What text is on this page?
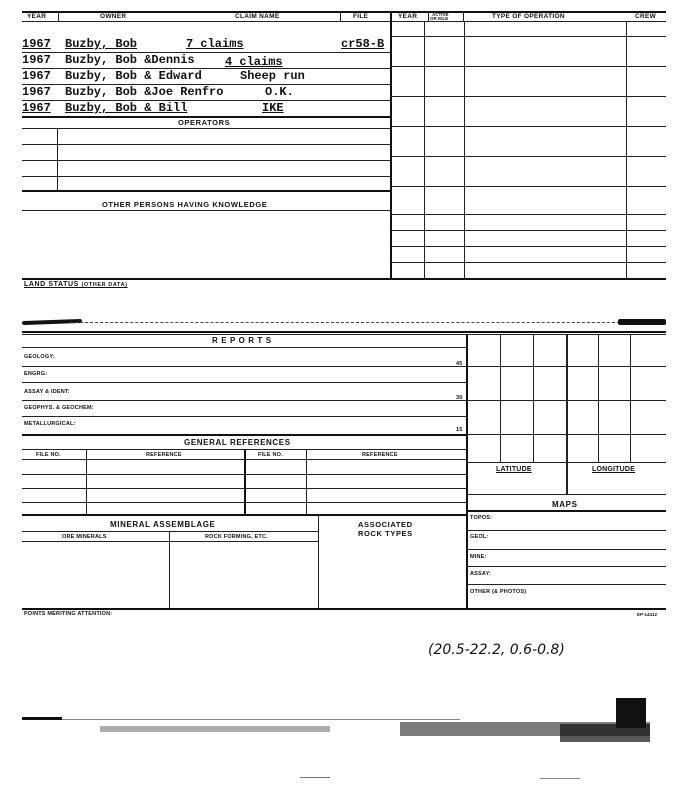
YEAR	OWNER	CLAIM NAME	FILE	YEAR	ACTIVE
OR IDLE	TYPE OF OPERATION	CREW
1967 Buzby, Bob	7 claims	cr58-B
1967 Buzby, Bob &Dennis	4 claims
1967 Buzby, Bob & Edward	Sheep run
1967 Buzby, Bob &Joe Renfro	O.K.
1967 Buzby, Bob & Bill	IKE
OPERATORS
OTHER PERSONS HAVING KNOWLEDGE
LAND STATUS (OTHER DATA)
R E P O R T S
GEOLOGY:
45
ENGRG:
ASSAY & IDENT:
30
GEOPHYS. & GEOCHEM:
METALLURGICAL:
15
LATITUDE	LONGITUDE
GENERAL REFERENCES
FILE NO.	REFERENCE	FILE NO.	REFERENCE
MAPS
TOPOS:
GEOL:
MINE:
ASSAY:
OTHER (& PHOTOS)
MINERAL ASSEMBLAGE	ASSOCIATED
ROCK TYPES
ORE MINERALS	ROCK FORMING, ETC.
POINTS MERITING ATTENTION:	EP-14412
(20.5-22.2, 0.6-0.8)
